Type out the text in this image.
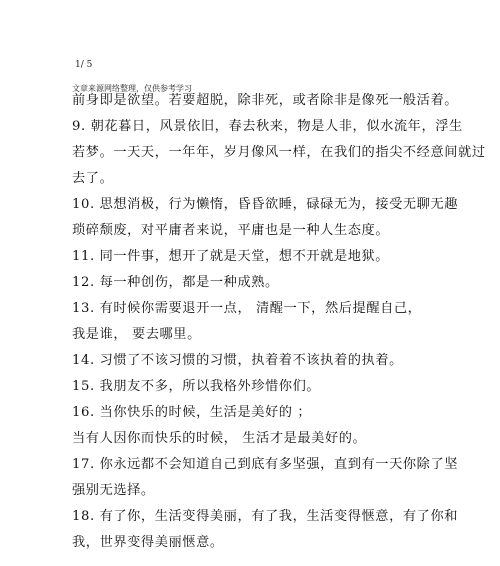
1/ 5
文章来源网络整理，仅供参考学习
前身即是欲望。若要超脱，除非死，或者除非是像死一般活着。
9. 朝花暮日，风景依旧，春去秋来，物是人非，似水流年，浮生
若梦。一天天，一年年，岁月像风一样，在我们的指尖不经意间就过
去了。
10. 思想消极，行为懒惰，昏昏欲睡，碌碌无为，接受无聊无趣
琐碎颓废，对平庸者来说，平庸也是一种人生态度。
11. 同一件事，想开了就是天堂，想不开就是地狱。
12. 每一种创伤，都是一种成熟。
13. 有时候你需要退开一点， 清醒一下，然后提醒自己，
我是谁， 要去哪里。
14. 习惯了不该习惯的习惯，执着着不该执着的执着。
15. 我朋友不多，所以我格外珍惜你们。
16. 当你快乐的时候，生活是美好的 ；
当有人因你而快乐的时候， 生活才是最美好的。
17. 你永远都不会知道自己到底有多坚强，直到有一天你除了坚
强别无选择。
18. 有了你，生活变得美丽，有了我，生活变得惬意，有了你和
我，世界变得美丽惬意。
